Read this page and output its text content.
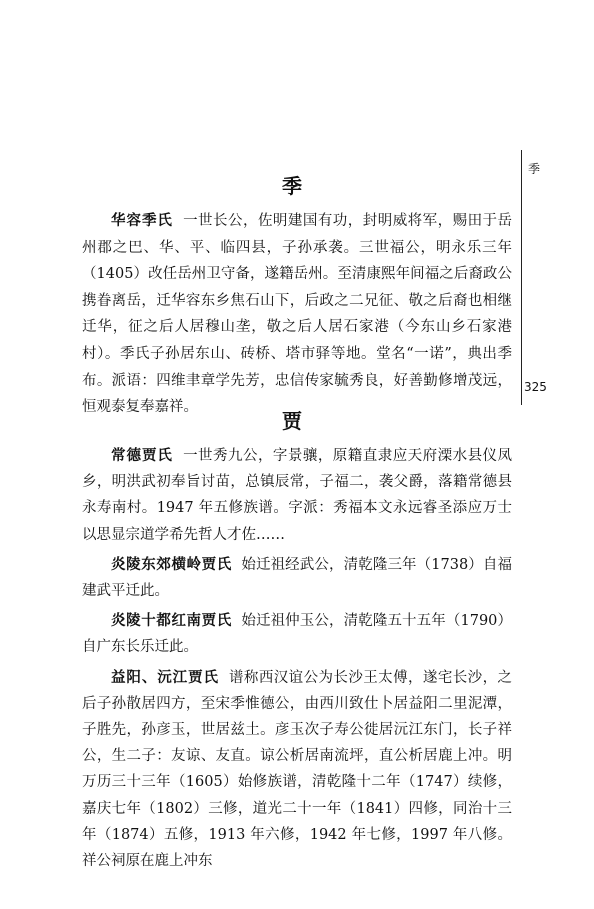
季
325
季

华容季氏 一世长公，佐明建国有功，封明威将军，赐田于岳州郡之巴、华、平、临四县，子孙承袭。三世福公，明永乐三年（1405）改任岳州卫守备，遂籍岳州。至清康熙年间福之后裔政公携眷离岳，迁华容东乡焦石山下，后政之二兄征、敬之后裔也相继迁华，征之后人居穆山垄，敬之后人居石家港（今东山乡石家港村）。季氏子孙居东山、砖桥、塔市驿等地。堂名“一诺”，典出季布。派语：四维聿章学先芳，忠信传家毓秀良，好善勤修增茂远，恒观泰复奉嘉祥。

贾

常德贾氏 一世秀九公，字景骧，原籍直隶应天府溧水县仪凤乡，明洪武初奉旨讨苗，总镇辰常，子福二，袭父爵，落籍常德县永寿南村。1947 年五修族谱。字派：秀福本文永远睿圣添应万士以思显宗道学希先哲人才佐……

炎陵东郊横岭贾氏 始迁祖经武公，清乾隆三年（1738）自福建武平迁此。

炎陵十都红南贾氏 始迁祖仲玉公，清乾隆五十五年（1790）自广东长乐迁此。

益阳、沅江贾氏 谱称西汉谊公为长沙王太傅，遂宅长沙，之后子孙散居四方，至宋季惟德公，由西川致仕卜居益阳二里泥潭，子胜先，孙彦玉，世居兹土。彦玉次子寿公徙居沅江东门，长子祥公，生二子：友谅、友直。谅公析居南流坪，直公析居鹿上冲。明万历三十三年（1605）始修族谱，清乾隆十二年（1747）续修，嘉庆七年（1802）三修，道光二十一年（1841）四修，同治十三年（1874）五修，1913 年六修，1942 年七修，1997 年八修。祥公祠原在鹿上冲东
